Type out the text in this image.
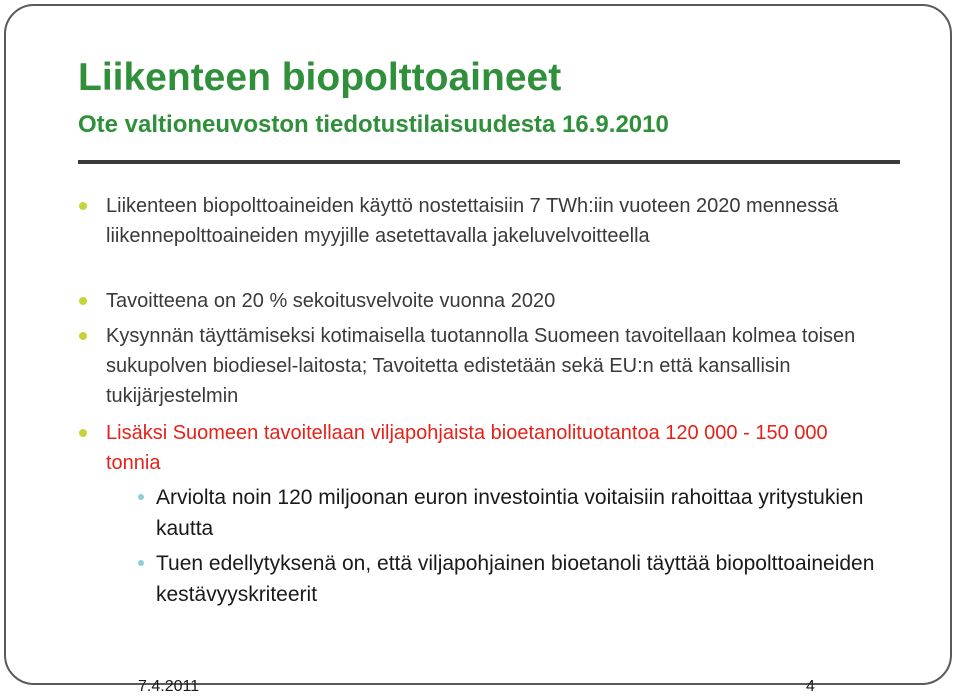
Liikenteen biopolttoaineet
Ote valtioneuvoston tiedotustilaisuudesta 16.9.2010
Liikenteen biopolttoaineiden käyttö nostettaisiin 7 TWh:iin vuoteen 2020 mennessä liikennepolttoaineiden myyjille asetettavalla jakeluvelvoitteella
Tavoitteena on 20 % sekoitusvelvoite vuonna 2020
Kysynnän täyttämiseksi kotimaisella tuotannolla Suomeen tavoitellaan kolmea toisen sukupolven biodiesel-laitosta; Tavoitetta edistetään sekä EU:n että kansallisin tukijärjestelmin
Lisäksi Suomeen tavoitellaan viljapohjaista bioetanolituotantoa 120 000 - 150 000 tonnia
Arviolta noin 120 miljoonan euron investointia voitaisiin rahoittaa yritystukien kautta
Tuen edellytyksenä on, että viljapohjainen bioetanoli täyttää biopolttoaineiden kestävyyskriteerit
7.4.2011	4
